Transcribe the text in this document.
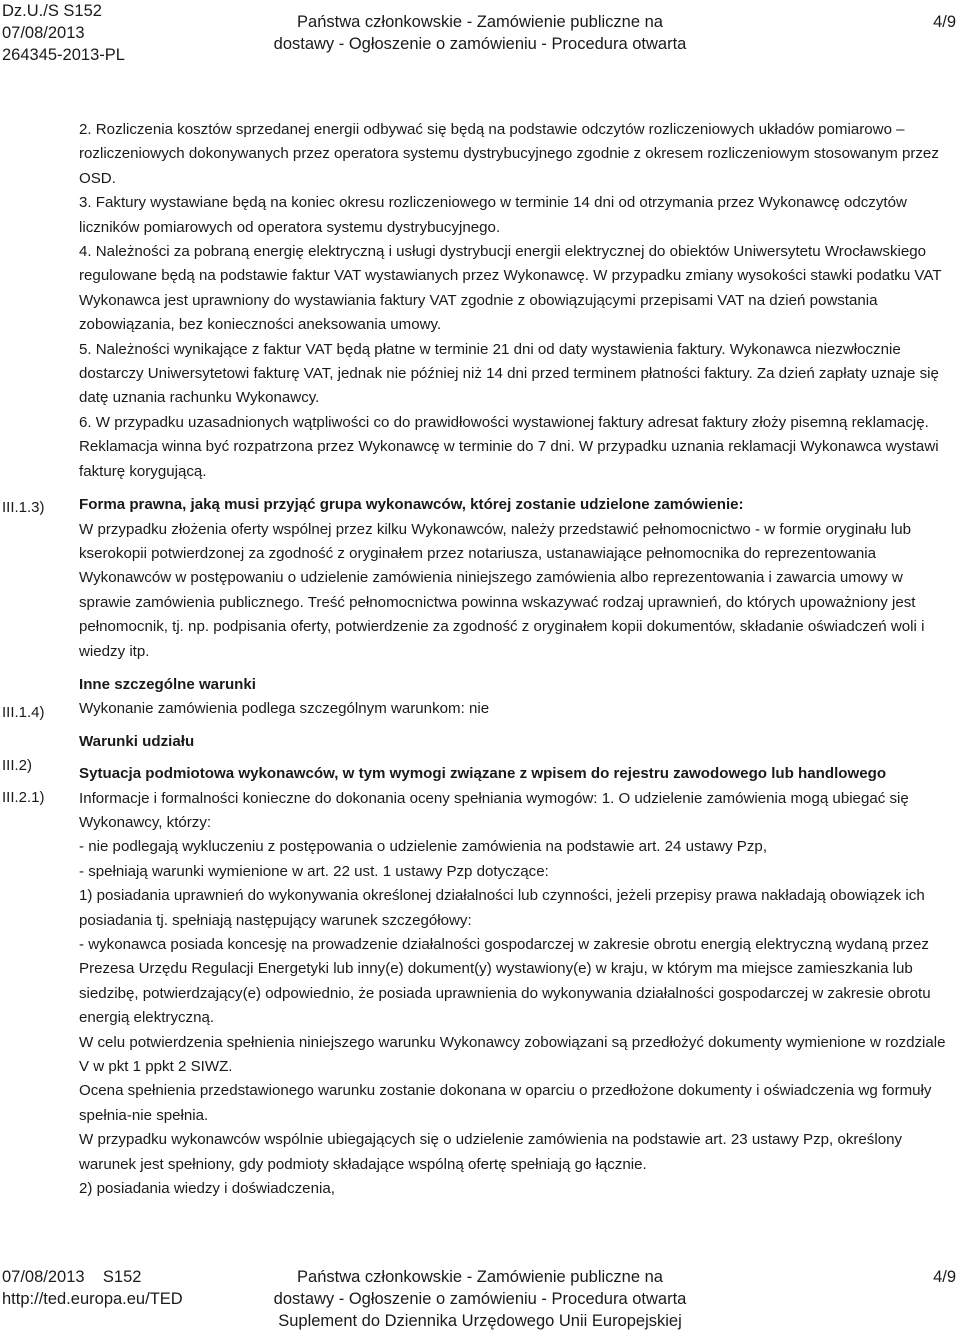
Dz.U./S S152
07/08/2013
264345-2013-PL
Państwa członkowskie - Zamówienie publiczne na
dostawy - Ogłoszenie o zamówieniu - Procedura otwarta
4/9
III.1.3)
III.1.4)
III.2)
III.2.1)

2. Rozliczenia kosztów sprzedanej energii odbywać się będą na podstawie odczytów rozliczeniowych układów pomiarowo – rozliczeniowych dokonywanych przez operatora systemu dystrybucyjnego zgodnie z okresem rozliczeniowym stosowanym przez OSD.

3. Faktury wystawiane będą na koniec okresu rozliczeniowego w terminie 14 dni od otrzymania przez Wykonawcę odczytów liczników pomiarowych od operatora systemu dystrybucyjnego.

4. Należności za pobraną energię elektryczną i usługi dystrybucji energii elektrycznej do obiektów Uniwersytetu Wrocławskiego regulowane będą na podstawie faktur VAT wystawianych przez Wykonawcę. W przypadku zmiany wysokości stawki podatku VAT Wykonawca jest uprawniony do wystawiania faktury VAT zgodnie z obowiązującymi przepisami VAT na dzień powstania zobowiązania, bez konieczności aneksowania umowy.

5. Należności wynikające z faktur VAT będą płatne w terminie 21 dni od daty wystawienia faktury. Wykonawca niezwłocznie dostarczy Uniwersytetowi fakturę VAT, jednak nie później niż 14 dni przed terminem płatności faktury. Za dzień zapłaty uznaje się datę uznania rachunku Wykonawcy.

6. W przypadku uzasadnionych wątpliwości co do prawidłowości wystawionej faktury adresat faktury złoży pisemną reklamację. Reklamacja winna być rozpatrzona przez Wykonawcę w terminie do 7 dni. W przypadku uznania reklamacji Wykonawca wystawi fakturę korygującą.

Forma prawna, jaką musi przyjąć grupa wykonawców, której zostanie udzielone zamówienie:

W przypadku złożenia oferty wspólnej przez kilku Wykonawców, należy przedstawić pełnomocnictwo - w formie oryginału lub kserokopii potwierdzonej za zgodność z oryginałem przez notariusza, ustanawiające pełnomocnika do reprezentowania Wykonawców w postępowaniu o udzielenie zamówienia niniejszego zamówienia albo reprezentowania i zawarcia umowy w sprawie zamówienia publicznego. Treść pełnomocnictwa powinna wskazywać rodzaj uprawnień, do których upoważniony jest pełnomocnik, tj. np. podpisania oferty, potwierdzenie za zgodność z oryginałem kopii dokumentów, składanie oświadczeń woli i wiedzy itp.

Inne szczególne warunki

Wykonanie zamówienia podlega szczególnym warunkom: nie

Warunki udziału

Sytuacja podmiotowa wykonawców, w tym wymogi związane z wpisem do rejestru zawodowego lub handlowego

Informacje i formalności konieczne do dokonania oceny spełniania wymogów: 1. O udzielenie zamówienia mogą ubiegać się Wykonawcy, którzy:

- nie podlegają wykluczeniu z postępowania o udzielenie zamówienia na podstawie art. 24 ustawy Pzp,

- spełniają warunki wymienione w art. 22 ust. 1 ustawy Pzp dotyczące:

1) posiadania uprawnień do wykonywania określonej działalności lub czynności, jeżeli przepisy prawa nakładają obowiązek ich posiadania tj. spełniają następujący warunek szczegółowy:

- wykonawca posiada koncesję na prowadzenie działalności gospodarczej w zakresie obrotu energią elektryczną wydaną przez Prezesa Urzędu Regulacji Energetyki lub inny(e) dokument(y) wystawiony(e) w kraju, w którym ma miejsce zamieszkania lub siedzibę, potwierdzający(e) odpowiednio, że posiada uprawnienia do wykonywania działalności gospodarczej w zakresie obrotu energią elektryczną.

W celu potwierdzenia spełnienia niniejszego warunku Wykonawcy zobowiązani są przedłożyć dokumenty wymienione w rozdziale V w pkt 1 ppkt 2 SIWZ.

Ocena spełnienia przedstawionego warunku zostanie dokonana w oparciu o przedłożone dokumenty i oświadczenia wg formuły spełnia-nie spełnia.

W przypadku wykonawców wspólnie ubiegających się o udzielenie zamówienia na podstawie art. 23 ustawy Pzp, określony warunek jest spełniony, gdy podmioty składające wspólną ofertę spełniają go łącznie.

2) posiadania wiedzy i doświadczenia,

07/08/2013    S152
http://ted.europa.eu/TED
Państwa członkowskie - Zamówienie publiczne na
dostawy - Ogłoszenie o zamówieniu - Procedura otwarta
Suplement do Dziennika Urzędowego Unii Europejskiej
4/9
